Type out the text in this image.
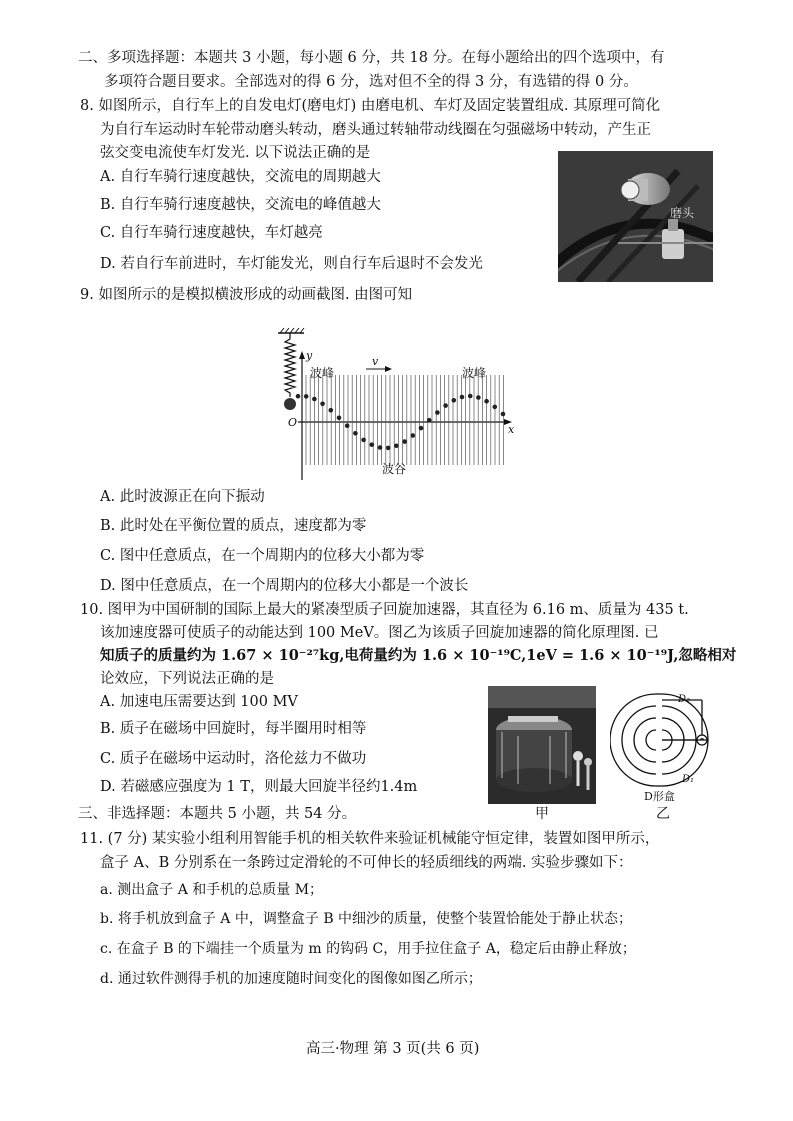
二、多项选择题：本题共 3 小题，每小题 6 分，共 18 分。在每小题给出的四个选项中，有
多项符合题目要求。全部选对的得 6 分，选对但不全的得 3 分，有选错的得 0 分。
8. 如图所示，自行车上的自发电灯(磨电灯) 由磨电机、车灯及固定装置组成. 其原理可简化
为自行车运动时车轮带动磨头转动，磨头通过转轴带动线圈在匀强磁场中转动，产生正
弦交变电流使车灯发光. 以下说法正确的是
A. 自行车骑行速度越快，交流电的周期越大
B. 自行车骑行速度越快，交流电的峰值越大
C. 自行车骑行速度越快，车灯越亮
D. 若自行车前进时，车灯能发光，则自行车后退时不会发光
磨头
9. 如图所示的是模拟横波形成的动画截图. 由图可知
y
x
O
v
波峰	波峰
波谷
A. 此时波源正在向下振动
B. 此时处在平衡位置的质点，速度都为零
C. 图中任意质点，在一个周期内的位移大小都为零
D. 图中任意质点，在一个周期内的位移大小都是一个波长
10. 图甲为中国研制的国际上最大的紧凑型质子回旋加速器，其直径为 6.16 m、质量为 435 t.
该加速度器可使质子的动能达到 100 MeV。图乙为该质子回旋加速器的简化原理图. 已
知质子的质量约为 1.67 × 10⁻²⁷kg,电荷量约为 1.6 × 10⁻¹⁹C,1eV = 1.6 × 10⁻¹⁹J,忽略相对
论效应，下列说法正确的是
A. 加速电压需要达到 100 MV
B. 质子在磁场中回旋时，每半圈用时相等
C. 质子在磁场中运动时，洛伦兹力不做功
D. 若磁感应强度为 1 T，则最大回旋半径约1.4m
甲
D₂
D₁
D形盒
乙
三、非选择题：本题共 5 小题，共 54 分。
11. (7 分) 某实验小组利用智能手机的相关软件来验证机械能守恒定律，装置如图甲所示，
盒子 A、B 分别系在一条跨过定滑轮的不可伸长的轻质细线的两端. 实验步骤如下：
a. 测出盒子 A 和手机的总质量 M；
b. 将手机放到盒子 A 中，调整盒子 B 中细沙的质量，使整个装置恰能处于静止状态；
c. 在盒子 B 的下端挂一个质量为 m 的钩码 C，用手拉住盒子 A，稳定后由静止释放；
d. 通过软件测得手机的加速度随时间变化的图像如图乙所示；
高三·物理 第 3 页(共 6 页)
